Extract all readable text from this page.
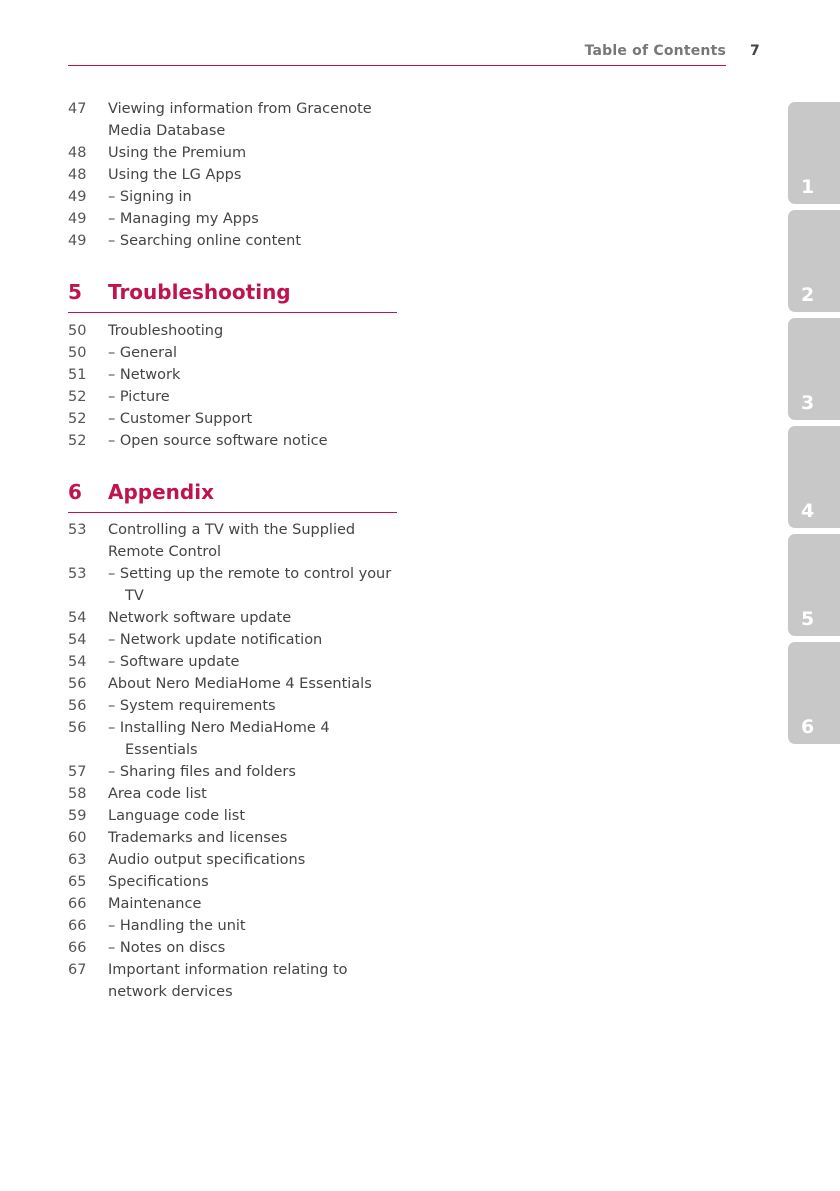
Table of Contents 7
47	Viewing information from Gracenote Media Database
48	Using the Premium
48	Using the LG Apps
49	– Signing in
49	– Managing my Apps
49	– Searching online content
5 Troubleshooting
50	Troubleshooting
50	– General
51	– Network
52	– Picture
52	– Customer Support
52	– Open source software notice
6 Appendix
53	Controlling a TV with the Supplied Remote Control
53	– Setting up the remote to control your TV
54	Network software update
54	– Network update notification
54	– Software update
56	About Nero MediaHome 4 Essentials
56	– System requirements
56	– Installing Nero MediaHome 4 Essentials
57	– Sharing files and folders
58	Area code list
59	Language code list
60	Trademarks and licenses
63	Audio output specifications
65	Specifications
66	Maintenance
66	– Handling the unit
66	– Notes on discs
67	Important information relating to network dervices
1
2
3
4
5
6
